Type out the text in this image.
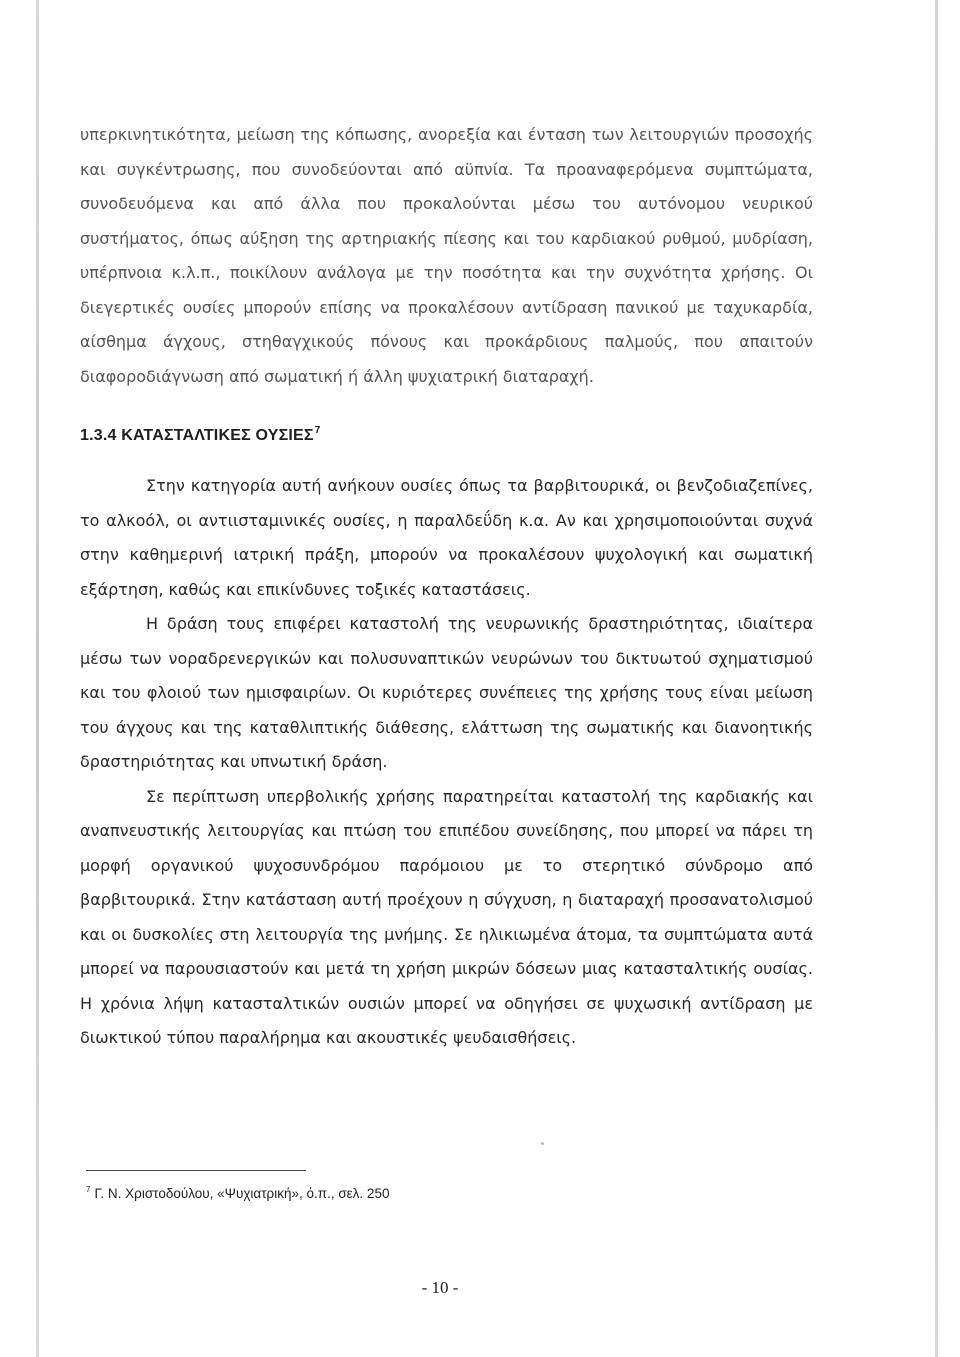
υπερκινητικότητα, μείωση της κόπωσης, ανορεξία και ένταση των λειτουργιών προσοχής και συγκέντρωσης, που συνοδεύονται από αϋπνία. Τα προαναφερόμενα συμπτώματα, συνοδευόμενα και από άλλα που προκαλούνται μέσω του αυτόνομου νευρικού συστήματος, όπως αύξηση της αρτηριακής πίεσης και του καρδιακού ρυθμού, μυδρίαση, υπέρπνοια κ.λ.π., ποικίλουν ανάλογα με την ποσότητα και την συχνότητα χρήσης. Οι διεγερτικές ουσίες μπορούν επίσης να προκαλέσουν αντίδραση πανικού με ταχυκαρδία, αίσθημα άγχους, στηθαγχικούς πόνους και προκάρδιους παλμούς, που απαιτούν διαφοροδιάγνωση από σωματική ή άλλη ψυχιατρική διαταραχή.

1.3.4 ΚΑΤΑΣΤΑΛΤΙΚΕΣ ΟΥΣΙΕΣ$^7$

Στην κατηγορία αυτή ανήκουν ουσίες όπως τα βαρβιτουρικά, οι βενζοδιαζεπίνες, το αλκοόλ, οι αντιισταμινικές ουσίες, η παραλδεΰδη κ.α. Αν και χρησιμοποιούνται συχνά στην καθημερινή ιατρική πράξη, μπορούν να προκαλέσουν ψυχολογική και σωματική εξάρτηση, καθώς και επικίνδυνες τοξικές καταστάσεις.

Η δράση τους επιφέρει καταστολή της νευρωνικής δραστηριότητας, ιδιαίτερα μέσω των νοραδρενεργικών και πολυσυναπτικών νευρώνων του δικτυωτού σχηματισμού και του φλοιού των ημισφαιρίων. Οι κυριότερες συνέπειες της χρήσης τους είναι μείωση του άγχους και της καταθλιπτικής διάθεσης, ελάττωση της σωματικής και διανοητικής δραστηριότητας και υπνωτική δράση.

Σε περίπτωση υπερβολικής χρήσης παρατηρείται καταστολή της καρδιακής και αναπνευστικής λειτουργίας και πτώση του επιπέδου συνείδησης, που μπορεί να πάρει τη μορφή οργανικού ψυχοσυνδρόμου παρόμοιου με το στερητικό σύνδρομο από βαρβιτουρικά. Στην κατάσταση αυτή προέχουν η σύγχυση, η διαταραχή προσανατολισμού και οι δυσκολίες στη λειτουργία της μνήμης. Σε ηλικιωμένα άτομα, τα συμπτώματα αυτά μπορεί να παρουσιαστούν και μετά τη χρήση μικρών δόσεων μιας κατασταλτικής ουσίας. Η χρόνια λήψη κατασταλτικών ουσιών μπορεί να οδηγήσει σε ψυχωσική αντίδραση με διωκτικού τύπου παραλήρημα και ακουστικές ψευδαισθήσεις.

$^7$ Γ. Ν. Χριστοδούλου, «Ψυχιατρική», ό.π., σελ. 250
- 10 -
